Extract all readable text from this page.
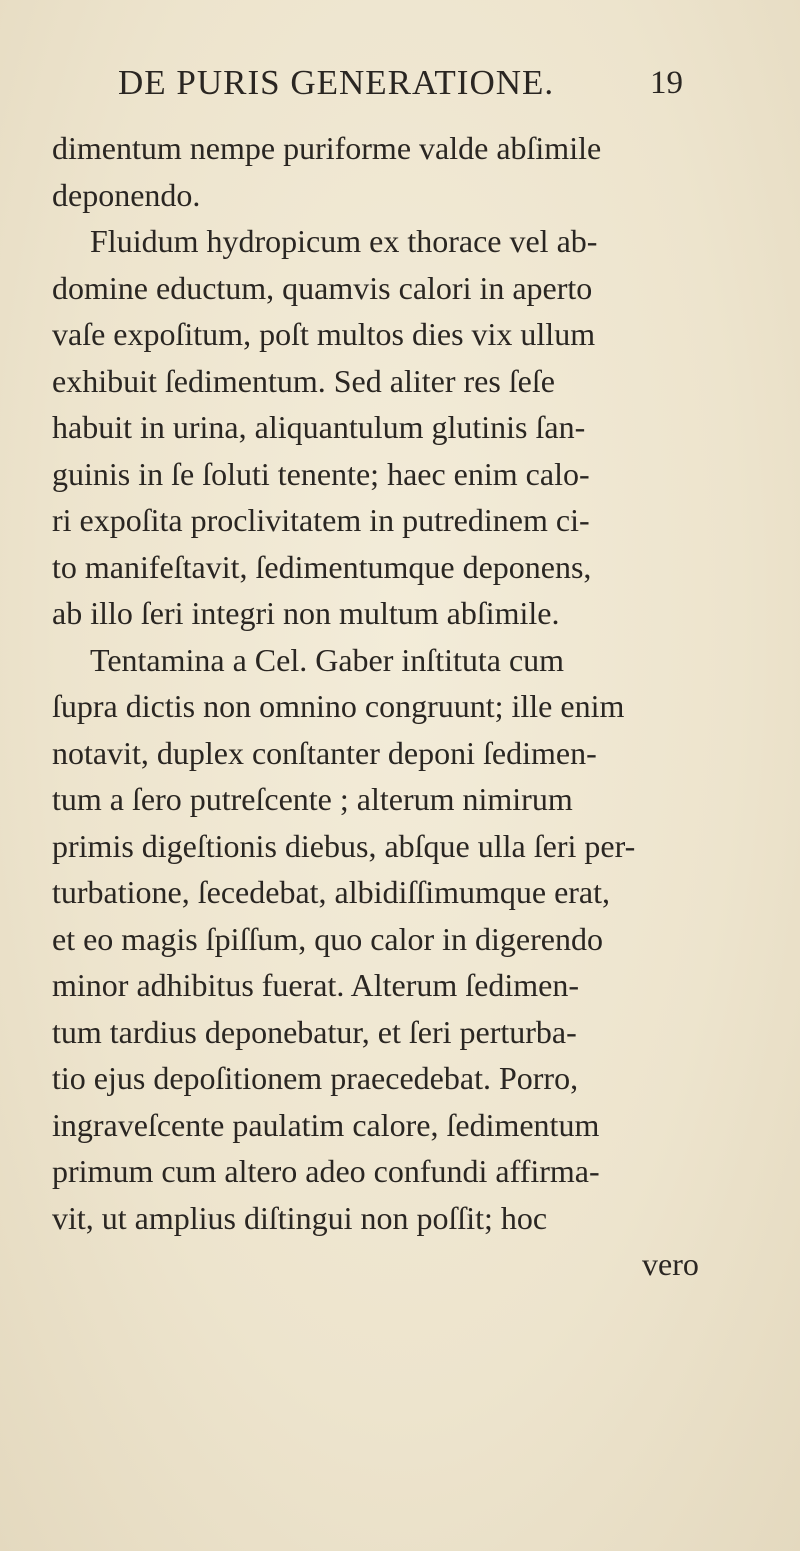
DE PURIS GENERATIONE.	19
dimentum nempe puriforme valde abſimile
deponendo.
Fluidum hydropicum ex thorace vel ab-
domine eductum, quamvis calori in aperto
vaſe expoſitum, poſt multos dies vix ullum
exhibuit ſedimentum. Sed aliter res ſeſe
habuit in urina, aliquantulum glutinis ſan-
guinis in ſe ſoluti tenente; haec enim calo-
ri expoſita proclivitatem in putredinem ci-
to manifeſtavit, ſedimentumque deponens,
ab illo ſeri integri non multum abſimile.
Tentamina a Cel. Gaber inſtituta cum
ſupra dictis non omnino congruunt; ille enim
notavit, duplex conſtanter deponi ſedimen-
tum a ſero putreſcente ; alterum nimirum
primis digeſtionis diebus, abſque ulla ſeri per-
turbatione, ſecedebat, albidiſſimumque erat,
et eo magis ſpiſſum, quo calor in digerendo
minor adhibitus fuerat. Alterum ſedimen-
tum tardius deponebatur, et ſeri perturba-
tio ejus depoſitionem praecedebat. Porro,
ingraveſcente paulatim calore, ſedimentum
primum cum altero adeo confundi affirma-
vit, ut amplius diſtingui non poſſit; hoc
vero
